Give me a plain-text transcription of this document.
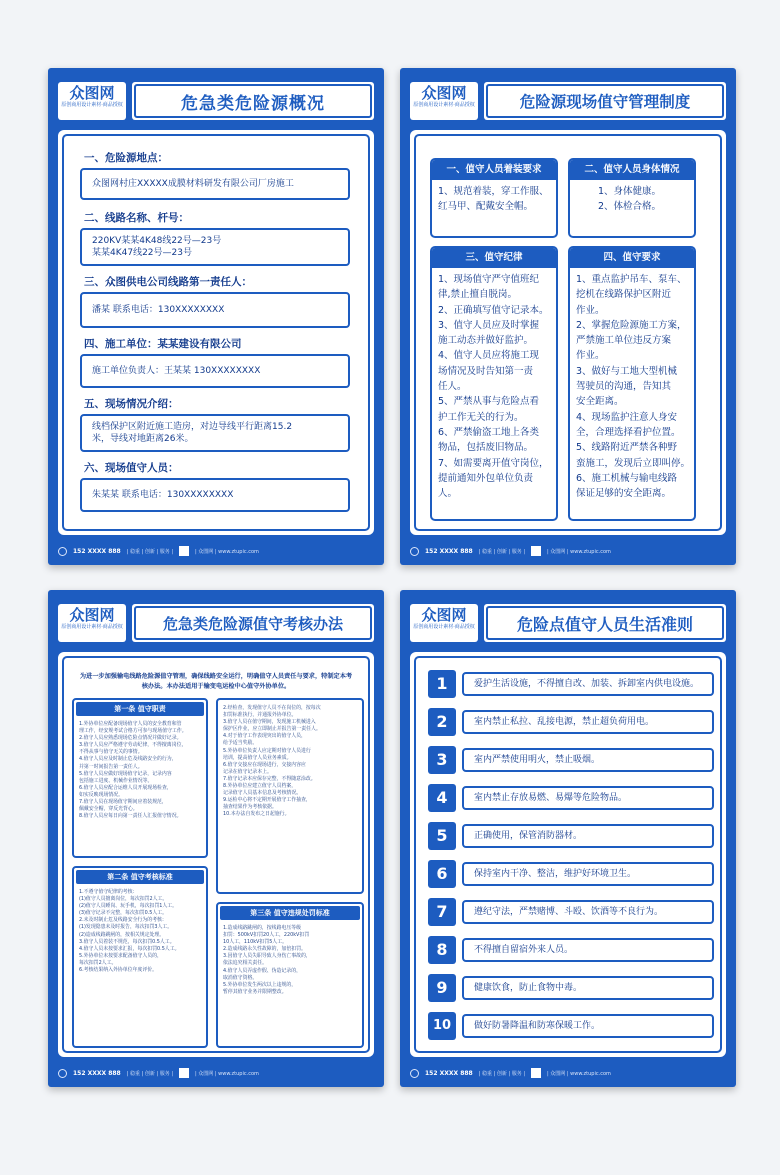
众图网
原创商用设计素材·商品授权	危急类危险源概况
一、危险源地点：
众图网村庄XXXXX成膜材料研发有限公司厂房施工
二、线路名称、杆号：
220KV某某4K48线22号—23号
某某4K47线22号—23号
三、众图供电公司线路第一责任人：
潘某 联系电话：130XXXXXXXX
四、施工单位：某某建设有限公司
施工单位负责人：王某某 130XXXXXXXX
五、现场情况介绍：
线档保护区附近施工造房，对边导线平行距离15.2
米，导线对地距离26米。
六、现场值守人员：
朱某某 联系电话：130XXXXXXXX
152 XXXX 888 | 稳重 | 创新 | 服务 |	| 众图网 | www.ztupic.com
众图网
原创商用设计素材·商品授权	危险源现场值守管理制度
一、值守人员着装要求
1、规范着装，穿工作服、
红马甲、配戴安全帽。
二、值守人员身体情况
1、身体健康。
2、体检合格。
三、值守纪律
1、现场值守严守值班纪
律,禁止擅自脱岗。
2、正确填写值守记录本。
3、值守人员应及时掌握
施工动态并做好监护。
4、值守人员应将施工现
场情况及时告知第一责
任人。
5、严禁从事与危险点看
护工作无关的行为。
6、严禁偷盗工地上各类
物品，包括废旧物品。
7、如需要离开值守岗位，
提前通知外包单位负责
人。
四、值守要求
1、重点监护吊车、泵车、
挖机在线路保护区附近
作业。
2、掌握危险源施工方案，
严禁施工单位违反方案
作业。
3、做好与工地大型机械
驾驶员的沟通，告知其
安全距离。
4、现场监护注意人身安
全，合理选择看护位置。
5、线路附近严禁各种野
蛮施工，发现后立即叫停。
6、施工机械与输电线路
保证足够的安全距离。
152 XXXX 888 | 稳重 | 创新 | 服务 |	| 众图网 | www.ztupic.com
众图网
原创商用设计素材·商品授权	危急类危险源值守考核办法
为进一步加强输电线路危险源值守管理，确保线路安全运行，明确值守人员责任与要求，特制定本考核办法。本办法适用于输变电运检中心值守外协单位。
第一条 值守职责
1.外协单位应配备现场值守人员的安全教育和管
理工作，经安规考试合格方可参与现场值守工作。
2.值守人员应熟悉现场危险点情况并做好记录。
3.值守人员应严格遵守劳动纪律，不得擅离岗位，
不得从事与值守无关的事情。
4.值守人员应及时制止危及线路安全的行为，
并第一时间报告第一责任人。
5.值守人员应做好现场值守记录，记录内容
包括施工进度、机械作业情况等。
6.值守人员应配合运维人员开展现场检查，
如实反映现场情况。
7.值守人员在现场值守期间应着装规范，
佩戴安全帽，穿反光背心。
8.值守人员应每日向第一责任人汇报值守情况。
第二条 值守考核标准
1.不遵守值守纪律的考核：
(1)值守人员擅离岗位，每次扣罚2人工。
(2)值守人员睡岗、玩手机，每次扣罚1人工。
(3)值守记录不完整，每次扣罚0.5人工。
2.未及时制止危及线路安全行为的考核：
(1)发现隐患未及时报告，每次扣罚3人工。
(2)造成线路跳闸的，按相关规定处理。
3.值守人员着装不规范，每次扣罚0.5人工。
4.值守人员未按要求汇报，每次扣罚0.5人工。
5.外协单位未按要求配备值守人员的，
每次扣罚2人工。
6.考核结果纳入外协单位年度评价。
2.经检查，发现值守人员不在岗位的，按每次
扣罚标准执行，并通报外协单位。
3.值守人员在值守期间，发现施工机械进入
保护区作业，应立即制止并报告第一责任人。
4.对于值守工作表现突出的值守人员，
给予适当奖励。
5.外协单位负责人应定期对值守人员进行
培训，提高值守人员业务素质。
6.值守交接应在现场进行，交接内容应
记录在值守记录本上。
7.值守记录本应保存完整，不得随意涂改。
8.外协单位应建立值守人员档案，
记录值守人员基本信息及考核情况。
9.运检中心将不定期开展值守工作抽查，
抽查结果作为考核依据。
10.本办法自发布之日起施行。
第三条 值守违规处罚标准
1.造成线路跳闸的，按线路电压等级
扣罚：500kV扣罚20人工，220kV扣罚
10人工，110kV扣罚5人工。
2.造成线路永久性故障的，加倍扣罚。
3.因值守人员失职导致人身伤亡事故的，
依法追究相关责任。
4.值守人员弄虚作假、伪造记录的，
取消值守资格。
5.外协单位发生两次以上违规的，
暂停其值守业务并限期整改。
152 XXXX 888 | 稳重 | 创新 | 服务 |	| 众图网 | www.ztupic.com
众图网
原创商用设计素材·商品授权	危险点值守人员生活准则
1	爱护生活设施，不得擅自改、加装、拆卸室内供电设施。
2	室内禁止私拉、乱接电源，禁止超负荷用电。
3	室内严禁使用明火，禁止吸烟。
4	室内禁止存放易燃、易爆等危险物品。
5	正确使用，保管消防器材。
6	保持室内干净、整洁，维护好环境卫生。
7	遵纪守法，严禁赌博、斗殴、饮酒等不良行为。
8	不得擅自留宿外来人员。
9	健康饮食，防止食物中毒。
10	做好防暑降温和防寒保暖工作。
152 XXXX 888 | 稳重 | 创新 | 服务 |	| 众图网 | www.ztupic.com
